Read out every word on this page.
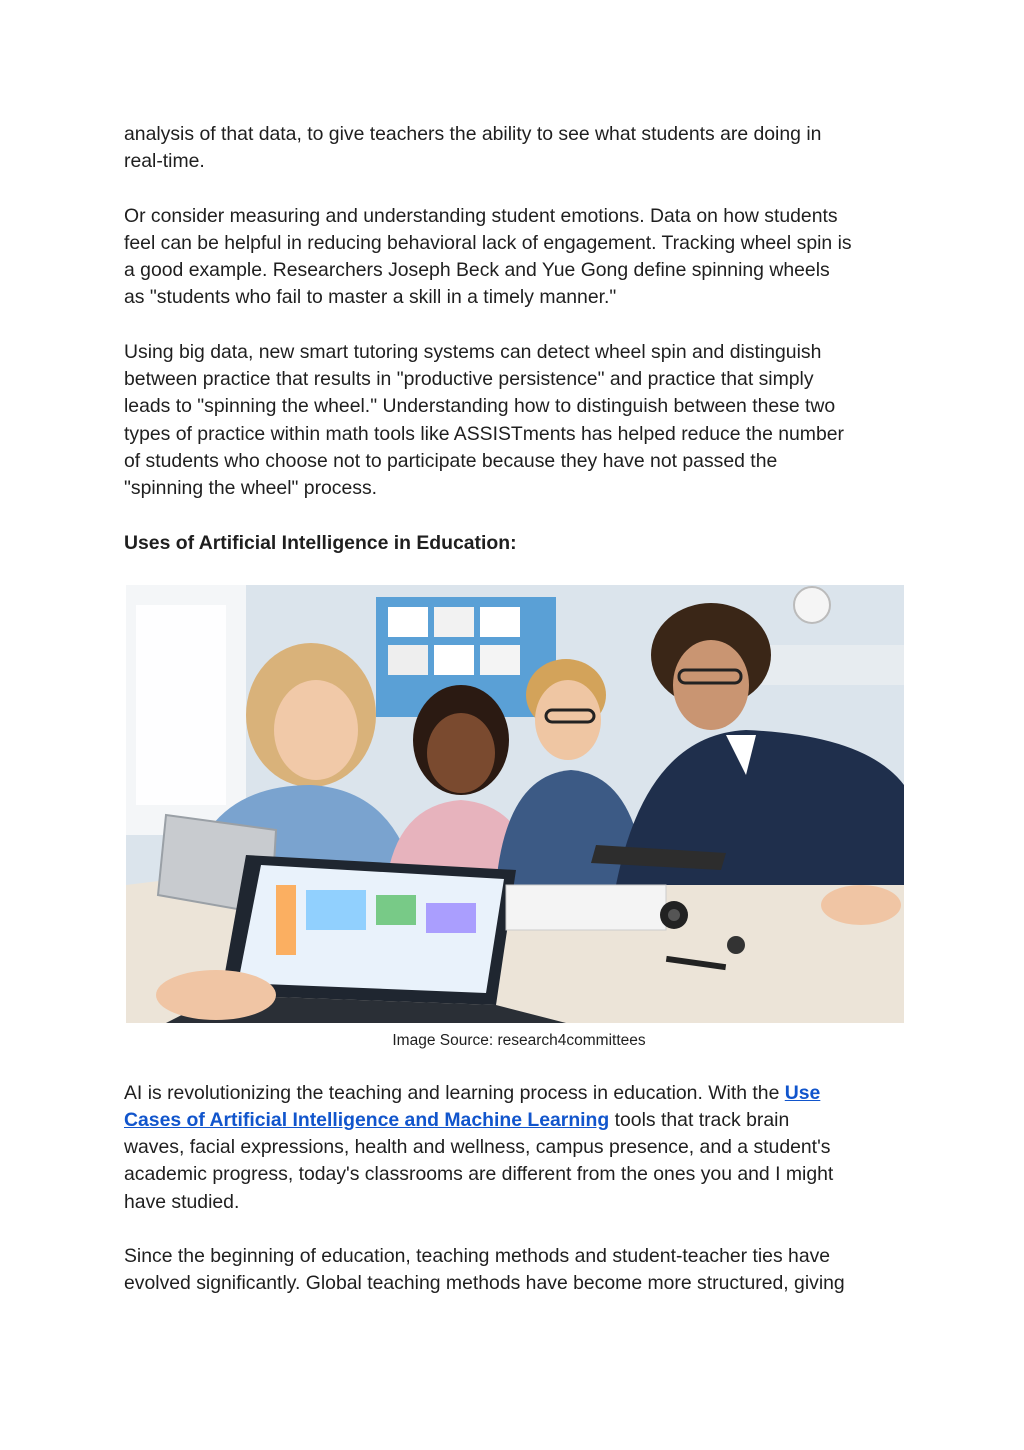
analysis of that data, to give teachers the ability to see what students are doing in
real-time.

Or consider measuring and understanding student emotions. Data on how students
feel can be helpful in reducing behavioral lack of engagement. Tracking wheel spin is
a good example. Researchers Joseph Beck and Yue Gong define spinning wheels
as "students who fail to master a skill in a timely manner."

Using big data, new smart tutoring systems can detect wheel spin and distinguish
between practice that results in "productive persistence" and practice that simply
leads to "spinning the wheel." Understanding how to distinguish between these two
types of practice within math tools like ASSISTments has helped reduce the number
of students who choose not to participate because they have not passed the
"spinning the wheel" process.

Uses of Artificial Intelligence in Education:
Image Source: research4committees

AI is revolutionizing the teaching and learning process in education. With the Use
Cases of Artificial Intelligence and Machine Learning tools that track brain
waves, facial expressions, health and wellness, campus presence, and a student's
academic progress, today's classrooms are different from the ones you and I might
have studied.

Since the beginning of education, teaching methods and student-teacher ties have
evolved significantly. Global teaching methods have become more structured, giving
